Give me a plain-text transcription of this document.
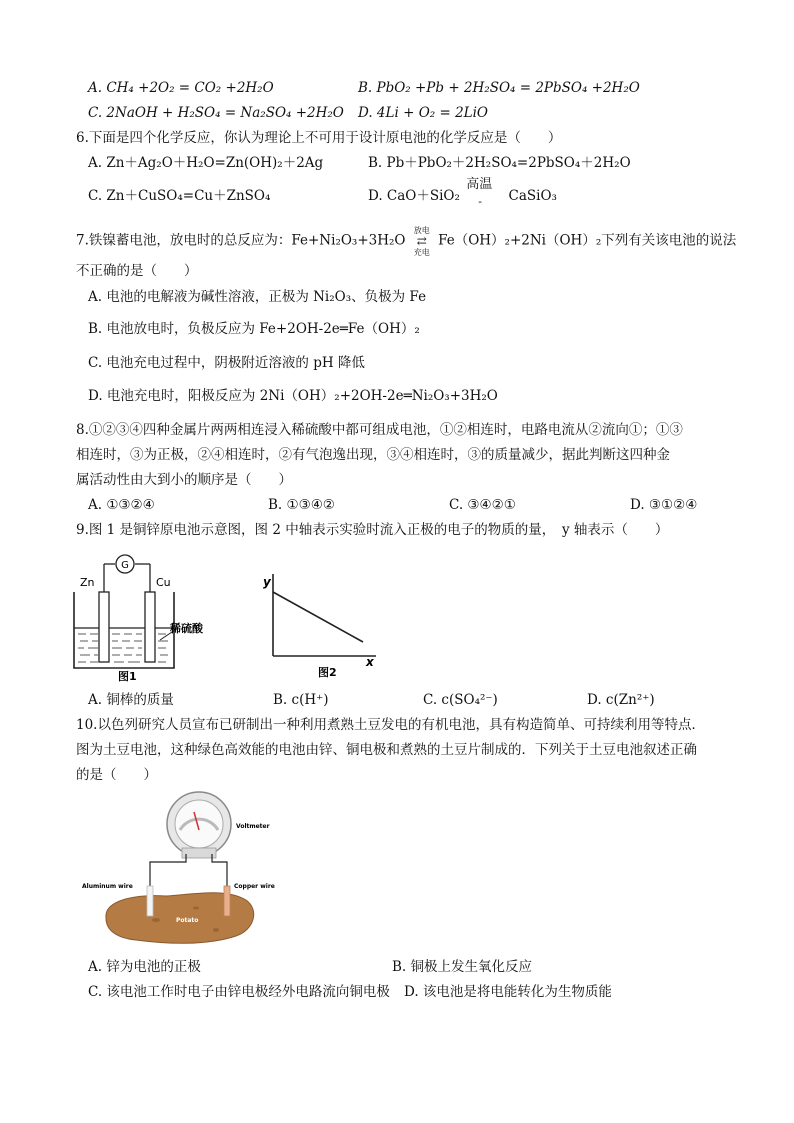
A. CH₄ +2O₂ = CO₂ +2H₂O	B. PbO₂ +Pb + 2H₂SO₄ = 2PbSO₄ +2H₂O
C. 2NaOH + H₂SO₄ = Na₂SO₄ +2H₂O D. 4Li + O₂ = 2LiO
6.下面是四个化学反应，你认为理论上不可用于设计原电池的化学反应是（　　）
A. Zn＋Ag₂O＋H₂O=Zn(OH)₂＋2Ag	B. Pb＋PbO₂＋2H₂SO₄=2PbSO₄＋2H₂O
C. Zn＋CuSO₄=Cu＋ZnSO₄	D. CaO＋SiO₂
高温
- CaSiO₃
7.铁镍蓄电池，放电时的总反应为：Fe+Ni₂O₃+3H₂O
放电
⇄
充电
Fe（OH）₂+2Ni（OH）₂下列有关该电池的说法
不正确的是（　　）
A. 电池的电解液为碱性溶液，正极为 Ni₂O₃、负极为 Fe
B. 电池放电时，负极反应为 Fe+2OH-2e═Fe（OH）₂
C. 电池充电过程中，阴极附近溶液的 pH 降低
D. 电池充电时，阳极反应为 2Ni（OH）₂+2OH-2e═Ni₂O₃+3H₂O
8.①②③④四种金属片两两相连浸入稀硫酸中都可组成电池，①②相连时，电路电流从②流向①；①③
相连时，③为正极，②④相连时，②有气泡逸出现，③④相连时，③的质量减少，据此判断这四种金
属活动性由大到小的顺序是（　　）
A. ①③②④	B. ①③④②	C. ③④②①	D. ③①②④
9.图 1 是铜锌原电池示意图，图 2 中轴表示实验时流入正极的电子的物质的量，　y 轴表示（　　）
G
Zn	Cu
稀硫酸
图1
y
x
图2
A. 铜棒的质量	B. c(H⁺)	C. c(SO₄²⁻)	D. c(Zn²⁺)
10.以色列研究人员宣布已研制出一种利用煮熟土豆发电的有机电池，具有构造简单、可持续利用等特点．
图为土豆电池，这种绿色高效能的电池由锌、铜电极和煮熟的土豆片制成的．下列关于土豆电池叙述正确
的是（　　）
Voltmeter
Aluminum wire	Copper wire
Potato
A. 锌为电池的正极	B. 铜极上发生氧化反应
C. 该电池工作时电子由锌电极经外电路流向铜电极 D. 该电池是将电能转化为生物质能
